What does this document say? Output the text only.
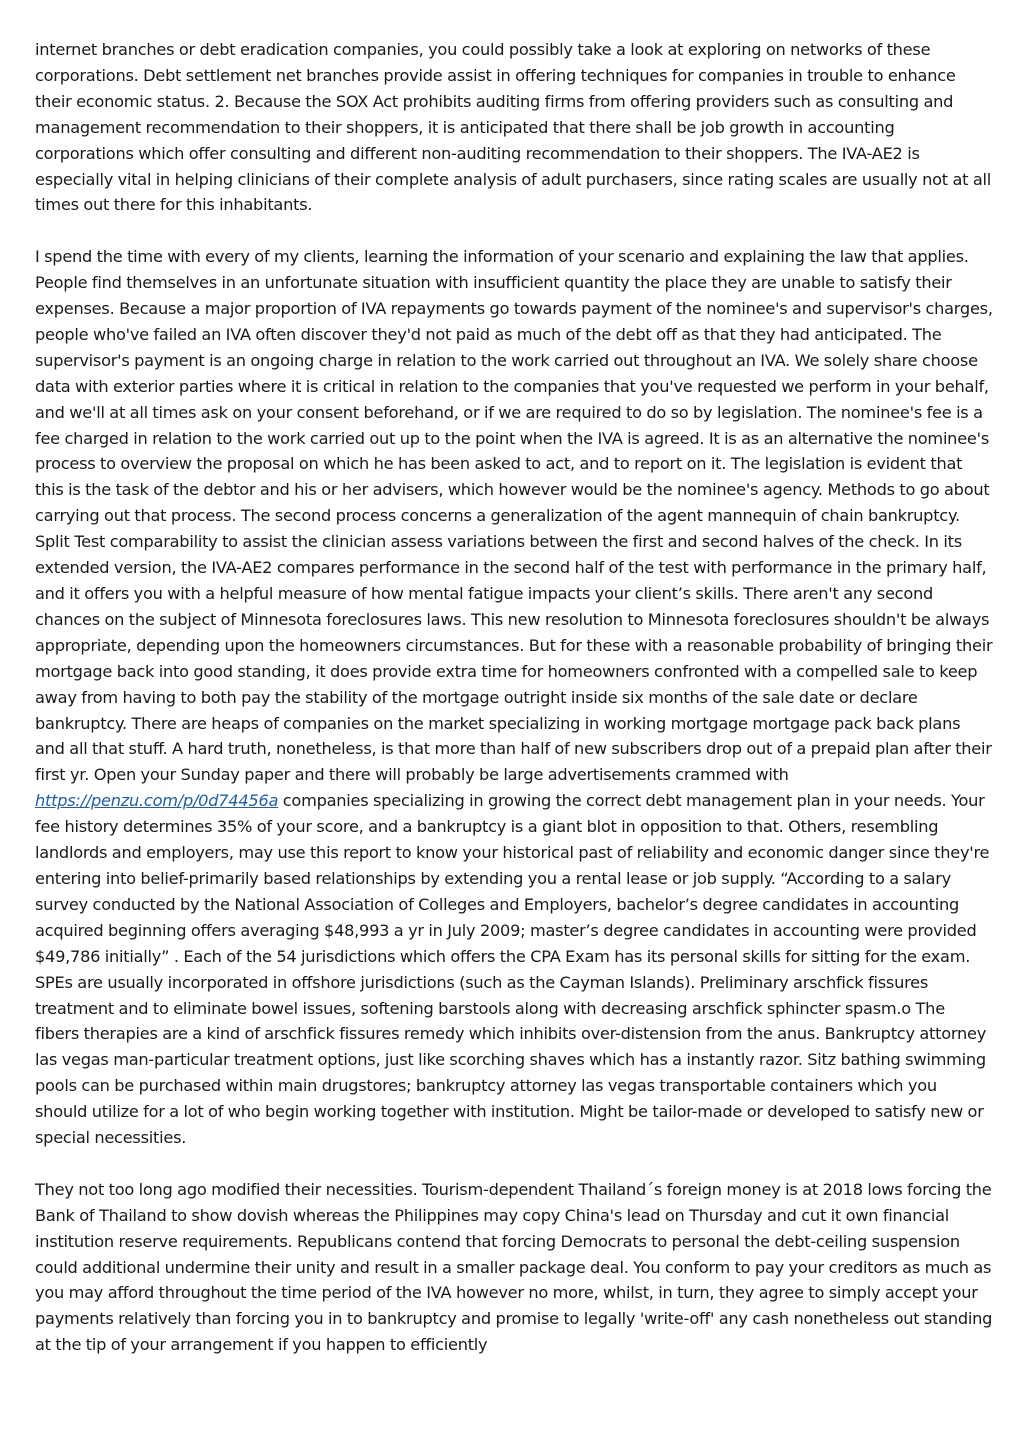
internet branches or debt eradication companies, you could possibly take a look at exploring on networks of these corporations. Debt settlement net branches provide assist in offering techniques for companies in trouble to enhance their economic status. 2. Because the SOX Act prohibits auditing firms from offering providers such as consulting and management recommendation to their shoppers, it is anticipated that there shall be job growth in accounting corporations which offer consulting and different non-auditing recommendation to their shoppers. The IVA-AE2 is especially vital in helping clinicians of their complete analysis of adult purchasers, since rating scales are usually not at all times out there for this inhabitants.

I spend the time with every of my clients, learning the information of your scenario and explaining the law that applies. People find themselves in an unfortunate situation with insufficient quantity the place they are unable to satisfy their expenses. Because a major proportion of IVA repayments go towards payment of the nominee's and supervisor's charges, people who've failed an IVA often discover they'd not paid as much of the debt off as that they had anticipated. The supervisor's payment is an ongoing charge in relation to the work carried out throughout an IVA. We solely share choose data with exterior parties where it is critical in relation to the companies that you've requested we perform in your behalf, and we'll at all times ask on your consent beforehand, or if we are required to do so by legislation. The nominee's fee is a fee charged in relation to the work carried out up to the point when the IVA is agreed. It is as an alternative the nominee's process to overview the proposal on which he has been asked to act, and to report on it. The legislation is evident that this is the task of the debtor and his or her advisers, which however would be the nominee's agency. Methods to go about carrying out that process. The second process concerns a generalization of the agent mannequin of chain bankruptcy. Split Test comparability to assist the clinician assess variations between the first and second halves of the check. In its extended version, the IVA-AE2 compares performance in the second half of the test with performance in the primary half, and it offers you with a helpful measure of how mental fatigue impacts your client’s skills. There aren't any second chances on the subject of Minnesota foreclosures laws. This new resolution to Minnesota foreclosures shouldn't be always appropriate, depending upon the homeowners circumstances. But for these with a reasonable probability of bringing their mortgage back into good standing, it does provide extra time for homeowners confronted with a compelled sale to keep away from having to both pay the stability of the mortgage outright inside six months of the sale date or declare bankruptcy. There are heaps of companies on the market specializing in working mortgage mortgage pack back plans and all that stuff. A hard truth, nonetheless, is that more than half of new subscribers drop out of a prepaid plan after their first yr. Open your Sunday paper and there will probably be large advertisements crammed with https://penzu.com/p/0d74456a companies specializing in growing the correct debt management plan in your needs. Your fee history determines 35% of your score, and a bankruptcy is a giant blot in opposition to that. Others, resembling landlords and employers, may use this report to know your historical past of reliability and economic danger since they're entering into belief-primarily based relationships by extending you a rental lease or job supply. “According to a salary survey conducted by the National Association of Colleges and Employers, bachelor’s degree candidates in accounting acquired beginning offers averaging $48,993 a yr in July 2009; master’s degree candidates in accounting were provided $49,786 initially” . Each of the 54 jurisdictions which offers the CPA Exam has its personal skills for sitting for the exam. SPEs are usually incorporated in offshore jurisdictions (such as the Cayman Islands). Preliminary arschfick fissures treatment and to eliminate bowel issues, softening barstools along with decreasing arschfick sphincter spasm.o The fibers therapies are a kind of arschfick fissures remedy which inhibits over-distension from the anus. Bankruptcy attorney las vegas man-particular treatment options, just like scorching shaves which has a instantly razor. Sitz bathing swimming pools can be purchased within main drugstores; bankruptcy attorney las vegas transportable containers which you should utilize for a lot of who begin working together with institution. Might be tailor-made or developed to satisfy new or special necessities.

They not too long ago modified their necessities. Tourism-dependent Thailand´s foreign money is at 2018 lows forcing the Bank of Thailand to show dovish whereas the Philippines may copy China's lead on Thursday and cut it own financial institution reserve requirements. Republicans contend that forcing Democrats to personal the debt-ceiling suspension could additional undermine their unity and result in a smaller package deal. You conform to pay your creditors as much as you may afford throughout the time period of the IVA however no more, whilst, in turn, they agree to simply accept your payments relatively than forcing you in to bankruptcy and promise to legally 'write-off' any cash nonetheless out standing at the tip of your arrangement if you happen to efficiently
